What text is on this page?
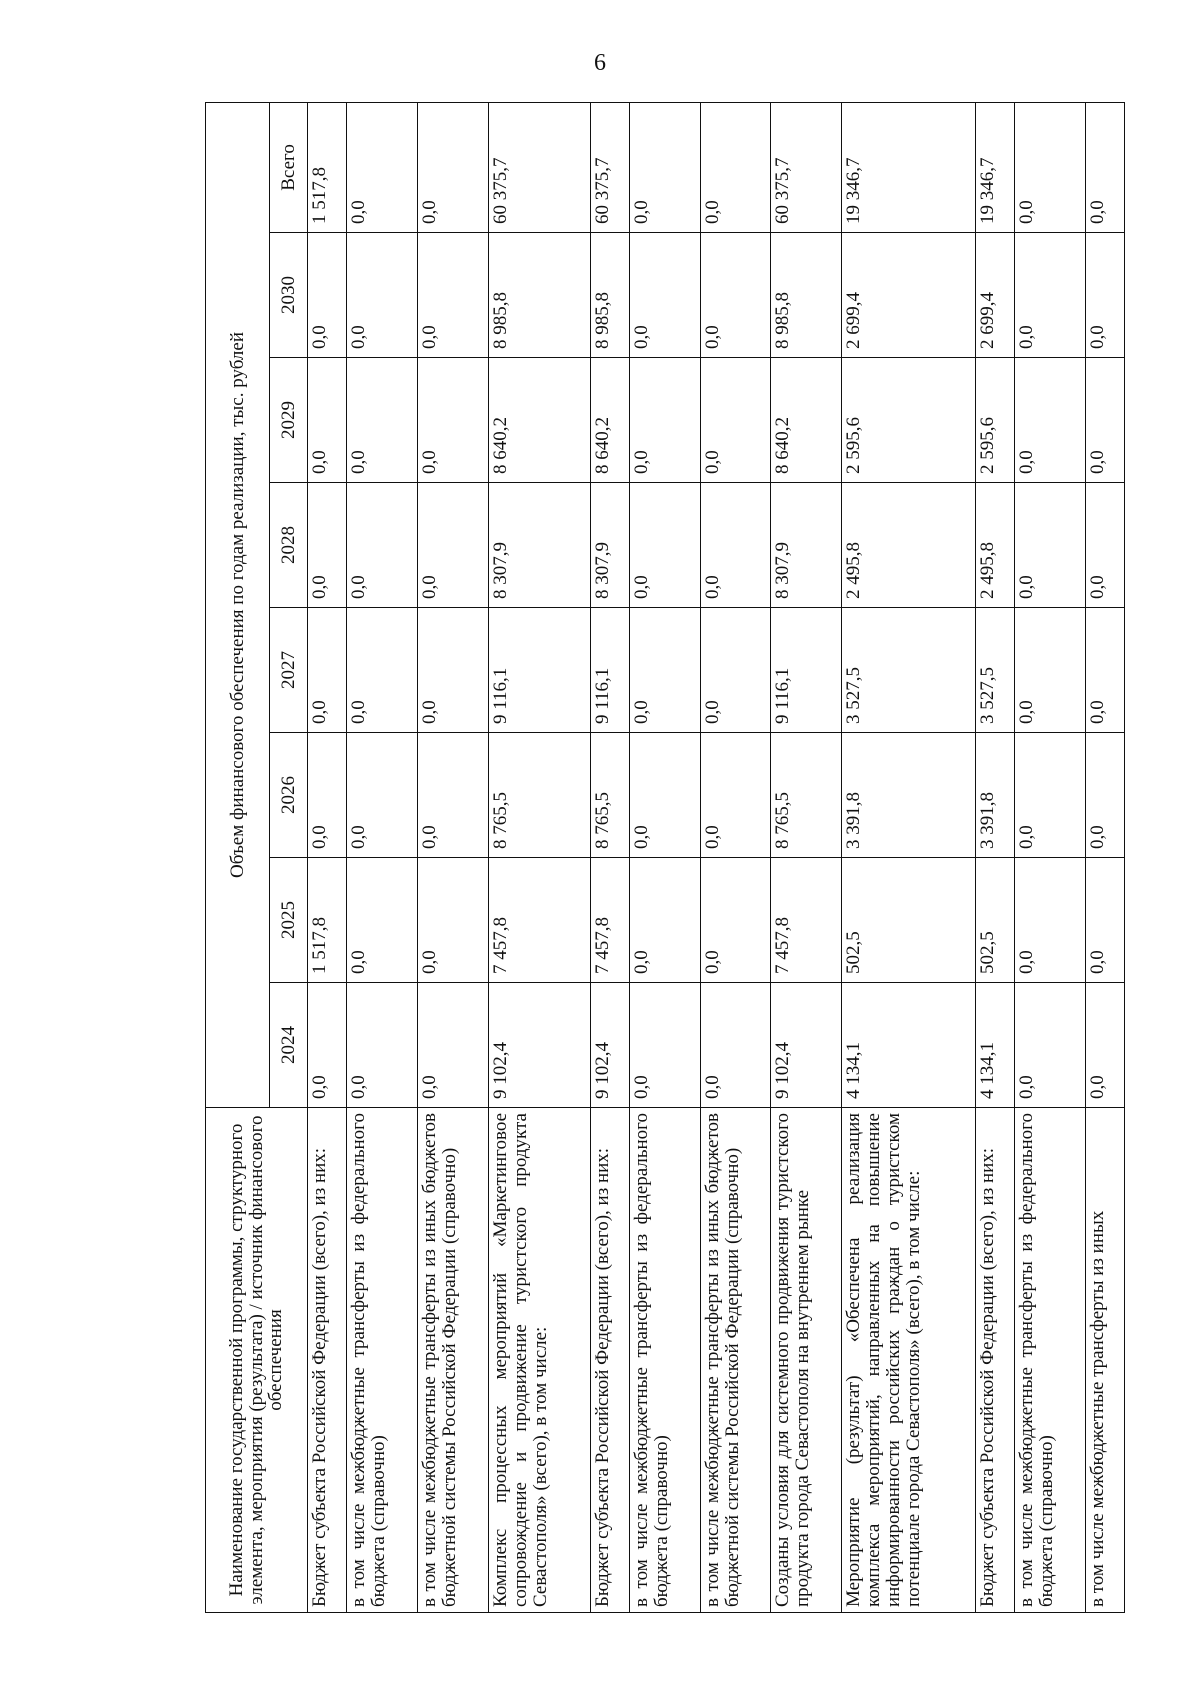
6
Наименование государственной программы, структурного элемента, мероприятия (результата) / источник финансового обеспечения	Объем финансового обеспечения по годам реализации, тыс. рублей							
	2024	2025	2026	2027	2028	2029	2030	Всего
Бюджет субъекта Российской Федерации (всего), из них:	0,0	1 517,8	0,0	0,0	0,0	0,0	0,0	1 517,8
в том числе межбюджетные трансферты из федерального бюджета (справочно)	0,0	0,0	0,0	0,0	0,0	0,0	0,0	0,0
в том числе межбюджетные трансферты из иных бюджетов бюджетной системы Российской Федерации (справочно)	0,0	0,0	0,0	0,0	0,0	0,0	0,0	0,0
Комплекс процессных мероприятий «Маркетинговое сопровождение и продвижение туристского продукта Севастополя» (всего), в том числе:	9 102,4	7 457,8	8 765,5	9 116,1	8 307,9	8 640,2	8 985,8	60 375,7
Бюджет субъекта Российской Федерации (всего), из них:	9 102,4	7 457,8	8 765,5	9 116,1	8 307,9	8 640,2	8 985,8	60 375,7
в том числе межбюджетные трансферты из федерального бюджета (справочно)	0,0	0,0	0,0	0,0	0,0	0,0	0,0	0,0
в том числе межбюджетные трансферты из иных бюджетов бюджетной системы Российской Федерации (справочно)	0,0	0,0	0,0	0,0	0,0	0,0	0,0	0,0
Созданы условия для системного продвижения туристского продукта города Севастополя на внутреннем рынке	9 102,4	7 457,8	8 765,5	9 116,1	8 307,9	8 640,2	8 985,8	60 375,7
Мероприятие (результат) «Обеспечена реализация комплекса мероприятий, направленных на повышение информированности российских граждан о туристском потенциале города Севастополя» (всего), в том числе:	4 134,1	502,5	3 391,8	3 527,5	2 495,8	2 595,6	2 699,4	19 346,7
Бюджет субъекта Российской Федерации (всего), из них:	4 134,1	502,5	3 391,8	3 527,5	2 495,8	2 595,6	2 699,4	19 346,7
в том числе межбюджетные трансферты из федерального бюджета (справочно)	0,0	0,0	0,0	0,0	0,0	0,0	0,0	0,0
в том числе межбюджетные трансферты из иных	0,0	0,0	0,0	0,0	0,0	0,0	0,0	0,0
